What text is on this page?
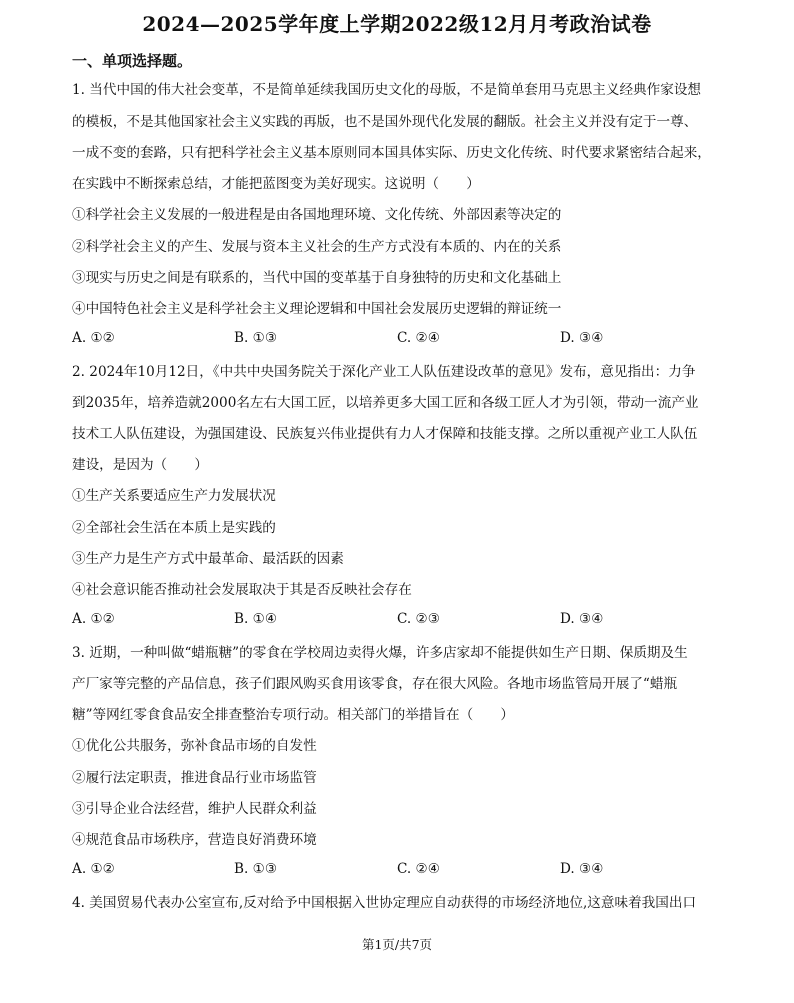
2024—2025学年度上学期2022级12月月考政治试卷
一、单项选择题。
1. 当代中国的伟大社会变革，不是简单延续我国历史文化的母版，不是简单套用马克思主义经典作家设想
的模板，不是其他国家社会主义实践的再版，也不是国外现代化发展的翻版。社会主义并没有定于一尊、
一成不变的套路，只有把科学社会主义基本原则同本国具体实际、历史文化传统、时代要求紧密结合起来，
在实践中不断探索总结，才能把蓝图变为美好现实。这说明（　　）
①科学社会主义发展的一般进程是由各国地理环境、文化传统、外部因素等决定的
②科学社会主义的产生、发展与资本主义社会的生产方式没有本质的、内在的关系
③现实与历史之间是有联系的，当代中国的变革基于自身独特的历史和文化基础上
④中国特色社会主义是科学社会主义理论逻辑和中国社会发展历史逻辑的辩证统一
A. ①②	B. ①③	C. ②④	D. ③④
2. 2024年10月12日，《中共中央国务院关于深化产业工人队伍建设改革的意见》发布，意见指出：力争
到2035年，培养造就2000名左右大国工匠，以培养更多大国工匠和各级工匠人才为引领，带动一流产业
技术工人队伍建设，为强国建设、民族复兴伟业提供有力人才保障和技能支撑。之所以重视产业工人队伍
建设，是因为（　　）
①生产关系要适应生产力发展状况
②全部社会生活在本质上是实践的
③生产力是生产方式中最革命、最活跃的因素
④社会意识能否推动社会发展取决于其是否反映社会存在
A. ①②	B. ①④	C. ②③	D. ③④
3. 近期，一种叫做“蜡瓶糖”的零食在学校周边卖得火爆，许多店家却不能提供如生产日期、保质期及生
产厂家等完整的产品信息，孩子们跟风购买食用该零食，存在很大风险。各地市场监管局开展了“蜡瓶
糖”等网红零食食品安全排查整治专项行动。相关部门的举措旨在（　　）
①优化公共服务，弥补食品市场的自发性
②履行法定职责，推进食品行业市场监管
③引导企业合法经营，维护人民群众利益
④规范食品市场秩序，营造良好消费环境
A. ①②	B. ①③	C. ②④	D. ③④
4. 美国贸易代表办公室宣布,反对给予中国根据入世协定理应自动获得的市场经济地位,这意味着我国出口
第1页/共7页
